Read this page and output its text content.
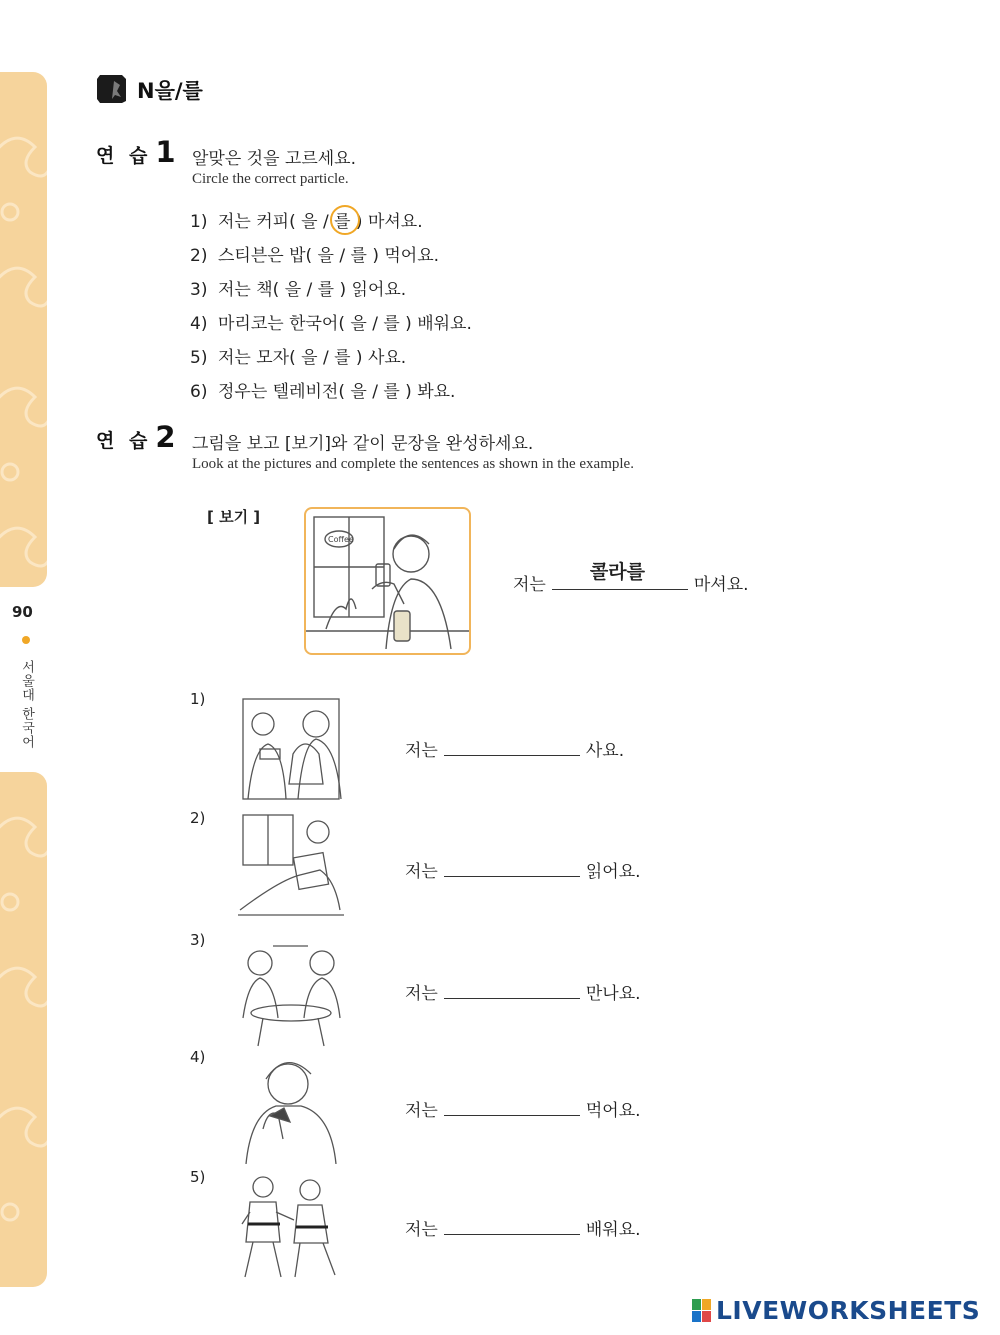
90
서울대 한국어
N을/를
연 습 1 알맞은 것을 고르세요.
Circle the correct particle.
1) 저는 커피( 을 / 를 ) 마셔요.
2) 스티븐은 밥( 을 / 를 ) 먹어요.
3) 저는 책( 을 / 를 ) 읽어요.
4) 마리코는 한국어( 을 / 를 ) 배워요.
5) 저는 모자( 을 / 를 ) 사요.
6) 정우는 텔레비전( 을 / 를 ) 봐요.
연 습 2 그림을 보고 [보기]와 같이 문장을 완성하세요.
Look at the pictures and complete the sentences as shown in the example.
[ 보기 ]
Coffee
저는
콜라를
마셔요.
1)
저는	사요.
2)
저는	읽어요.
3)
저는	만나요.
4)
저는	먹어요.
5)
저는	배워요.
LIVEWORKSHEETS
